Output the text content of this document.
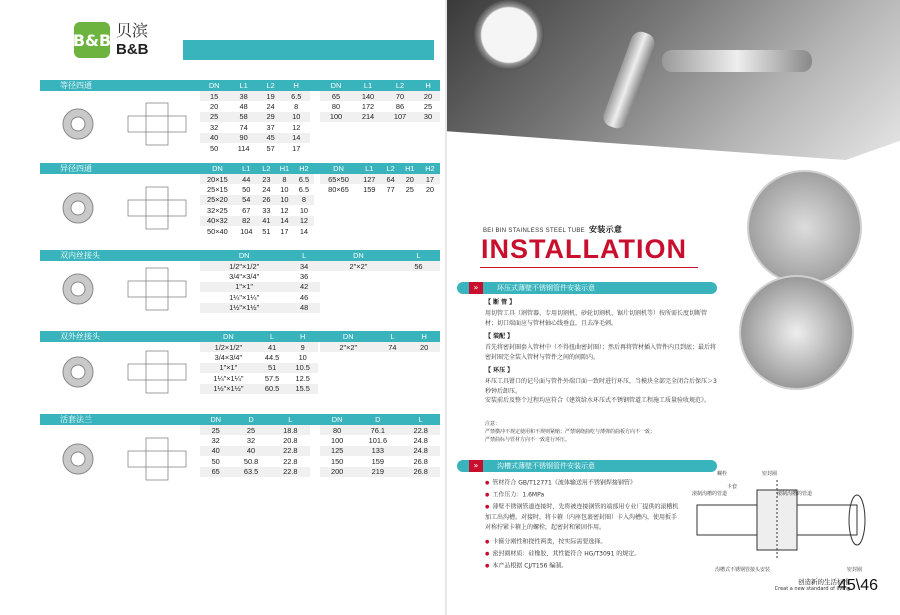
B&B 贝滨
B&B
等径四通	DN	L1	L2	H
15	38	19	6.5
20	48	24	8
25	58	29	10
32	74	37	12
40	90	45	14
50	114	57	17
DN	L1	L2	H
65	140	70	20
80	172	86	25
100	214	107	30
异径四通	DN	L1	L2	H1	H2
20×15	44	23	8	6.5
25×15	50	24	10	6.5
25×20	54	26	10	8
32×25	67	33	12	10
40×32	82	41	14	12
50×40	104	51	17	14
DN	L1	L2	H1	H2
65×50	127	64	20	17
80×65	159	77	25	20
双内丝接头	DN	L
1/2"×1/2"	34
3/4"×3/4"	36
1"×1"	42
1¼"×1¼"	46
1½"×1½"	48
DN	L
2"×2"	56
双外丝接头	DN	L	H
1/2×1/2"	41	9
3/4×3/4"	44.5	10
1"×1"	51	10.5
1¼"×1¼"	57.5	12.5
1½"×1½"	60.5	15.5
DN	L	H
2"×2"	74	20
活套法兰	DN	D	L
25	25	18.8
32	32	20.8
40	40	22.8
50	50.8	22.8
65	63.5	22.8
DN	D	L
80	76.1	22.8
100	101.6	24.8
125	133	24.8
150	159	26.8
200	219	26.8
BEI BIN STAINLESS STEEL TUBE 安装示意
INSTALLATION
环压式薄壁不锈钢管件安装示意
»
【 断 管 】
用切管工具（割管器、专用切割机、砂轮切割机、锯片切割机等）按所需长度切断管材；切口端面应与管材轴心线垂直，且去净毛刺。
【 装配 】
首先将密封圈套入管材中（不得扭曲密封圈）；然后再将管材插入管件内且到底；最后将密封圈完全装入管材与管件之间的间隙内。
【 环压 】
环压工具钳口的记号面与管件外端口面一致时进行环压，当模块全部完全闭合后保压＞3秒钟后卸压。
安装前后及整个过程均应符合《建筑给水环压式不锈钢管道工程施工质量验收规范》。
注意：
严禁横冲不规定使用和不规则紧缩；严禁钢绕曲吃与薄弹的曲板方向不一致；
严禁曲标与管材方向不一致进行环压。
沟槽式薄壁不锈钢管件安装示意
»
● 管材符合 GB/T12771《流体输送用不锈钢焊接钢管》
● 工作压力：1.6MPa
● 薄壁不锈钢管道连接时，先将被连接钢管的端部用专业厂提供的滚槽机加工出沟槽。对接时，将卡箍（内座包裹密封圈）卡入沟槽内，使用扳手对称拧紧卡箍上的螺栓，起密封和紧固作用。
● 卡箍分刚性和挠性两类，按实际需要选择。
● 密封圈材质：硅橡胶，其性能符合 HG/T3091 的规定。
● 本产品根据 CJ/T156 编制。
螺栓	密封圈
滚制沟槽的管道
卡套
滚制沟槽的管道
沟槽式不锈钢管接头安装	密封圈
创造新的生活标准
Creat a new standard of living
45\46
